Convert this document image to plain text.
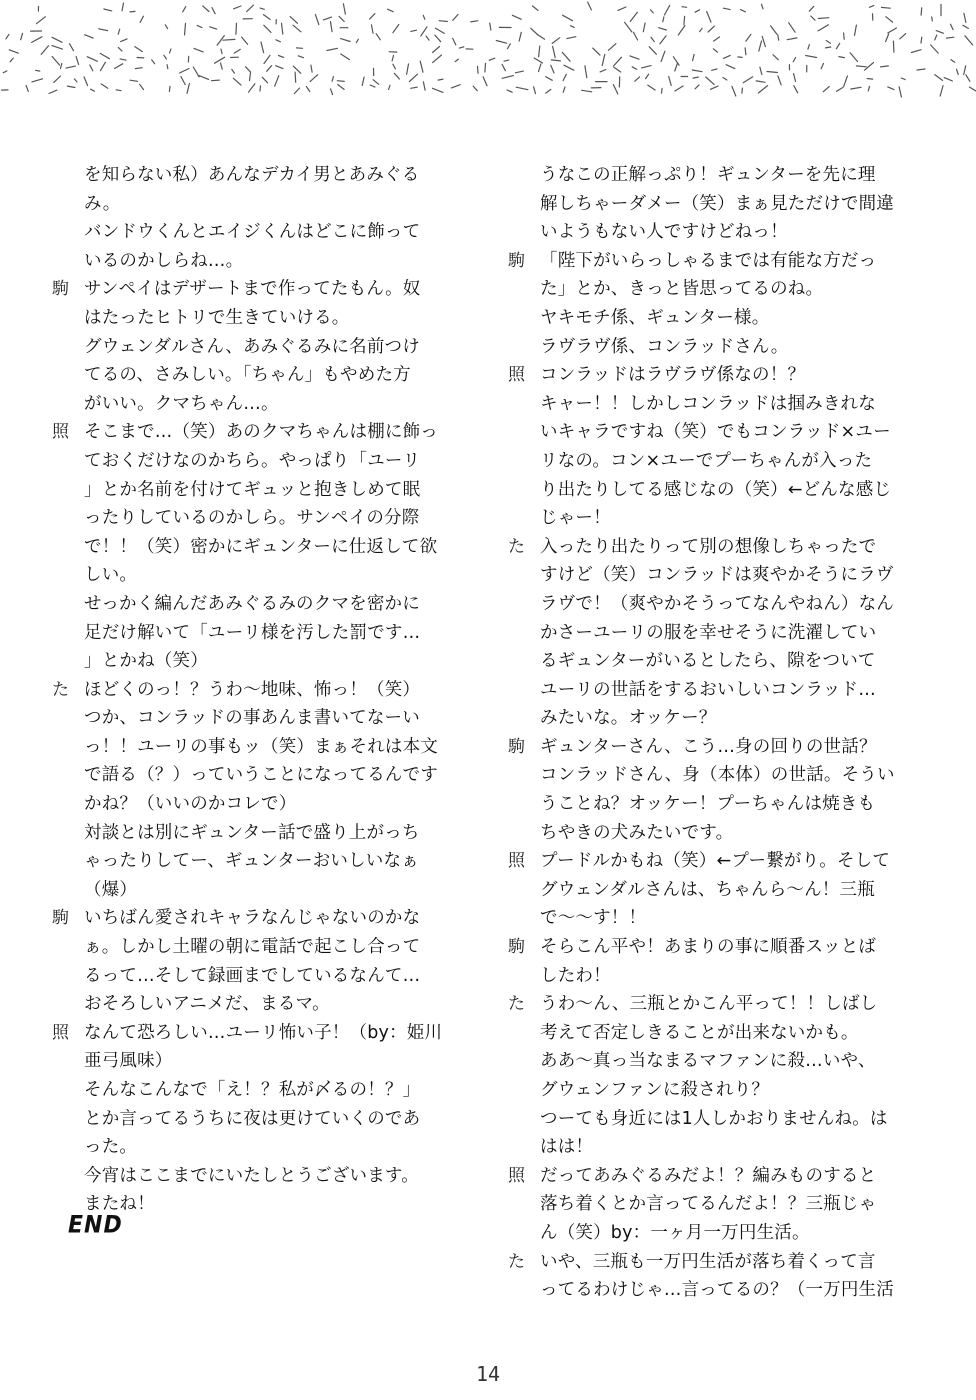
を知らない私）あんなデカイ男とあみぐる
み。
バンドウくんとエイジくんはどこに飾って
いるのかしらね…。
駒 サンペイはデザートまで作ってたもん。奴
はたったヒトリで生きていける。
グウェンダルさん、あみぐるみに名前つけ
てるの、さみしい。「ちゃん」もやめた方
がいい。クマちゃん…。
照 そこまで…（笑）あのクマちゃんは棚に飾っ
ておくだけなのかちら。やっぱり「ユーリ
」とか名前を付けてギュッと抱きしめて眠
ったりしているのかしら。サンペイの分際
で！！（笑）密かにギュンターに仕返して欲
しい。
せっかく編んだあみぐるみのクマを密かに
足だけ解いて「ユーリ様を汚した罰です…
」とかね（笑）
た ほどくのっ！？うわ～地味、怖っ！（笑）
つか、コンラッドの事あんま書いてなーい
っ！！ユーリの事もッ（笑）まぁそれは本文
で語る（？）っていうことになってるんです
かね？（いいのかコレで）
対談とは別にギュンター話で盛り上がっち
ゃったりしてー、ギュンターおいしいなぁ
（爆）
駒 いちばん愛されキャラなんじゃないのかな
ぁ。しかし土曜の朝に電話で起こし合って
るって…そして録画までしているなんて…
おそろしいアニメだ、まるマ。
照 なんて恐ろしい…ユーリ怖い子！（by：姫川
亜弓風味）
そんなこんなで「え！？私が〆るの！？」
とか言ってるうちに夜は更けていくのであ
った。
今宵はここまでにいたしとうございます。
またね！
END
うなこの正解っぷり！ギュンターを先に理
解しちゃーダメー（笑）まぁ見ただけで間違
いようもない人ですけどねっ！
駒 「陛下がいらっしゃるまでは有能な方だっ
た」とか、きっと皆思ってるのね。
ヤキモチ係、ギュンター様。
ラヴラヴ係、コンラッドさん。
照 コンラッドはラヴラヴ係なの！？
キャー！！しかしコンラッドは掴みきれな
いキャラですね（笑）でもコンラッド×ユー
リなの。コン×ユーでプーちゃんが入った
り出たりしてる感じなの（笑）←どんな感じ
じゃー！
た 入ったり出たりって別の想像しちゃったで
すけど（笑）コンラッドは爽やかそうにラヴ
ラヴで！（爽やかそうってなんやねん）なん
かさーユーリの服を幸せそうに洗濯してい
るギュンターがいるとしたら、隙をついて
ユーリの世話をするおいしいコンラッド…
みたいな。オッケー？
駒 ギュンターさん、こう…身の回りの世話？
コンラッドさん、身（本体）の世話。そうい
うことね？オッケー！プーちゃんは焼きも
ちやきの犬みたいです。
照 プードルかもね（笑）←プー繋がり。そして
グウェンダルさんは、ちゃんら～ん！三瓶
で～～す！！
駒 そらこん平や！あまりの事に順番スッとば
したわ！
た うわ～ん、三瓶とかこん平って！！しばし
考えて否定しきることが出来ないかも。
ああ～真っ当なまるマファンに殺…いや、
グウェンファンに殺されり？
つーても身近には1人しかおりませんね。は
はは！
照 だってあみぐるみだよ！？編みものすると
落ち着くとか言ってるんだよ！？三瓶じゃ
ん（笑）by：一ヶ月一万円生活。
た いや、三瓶も一万円生活が落ち着くって言
ってるわけじゃ…言ってるの？（一万円生活
14
